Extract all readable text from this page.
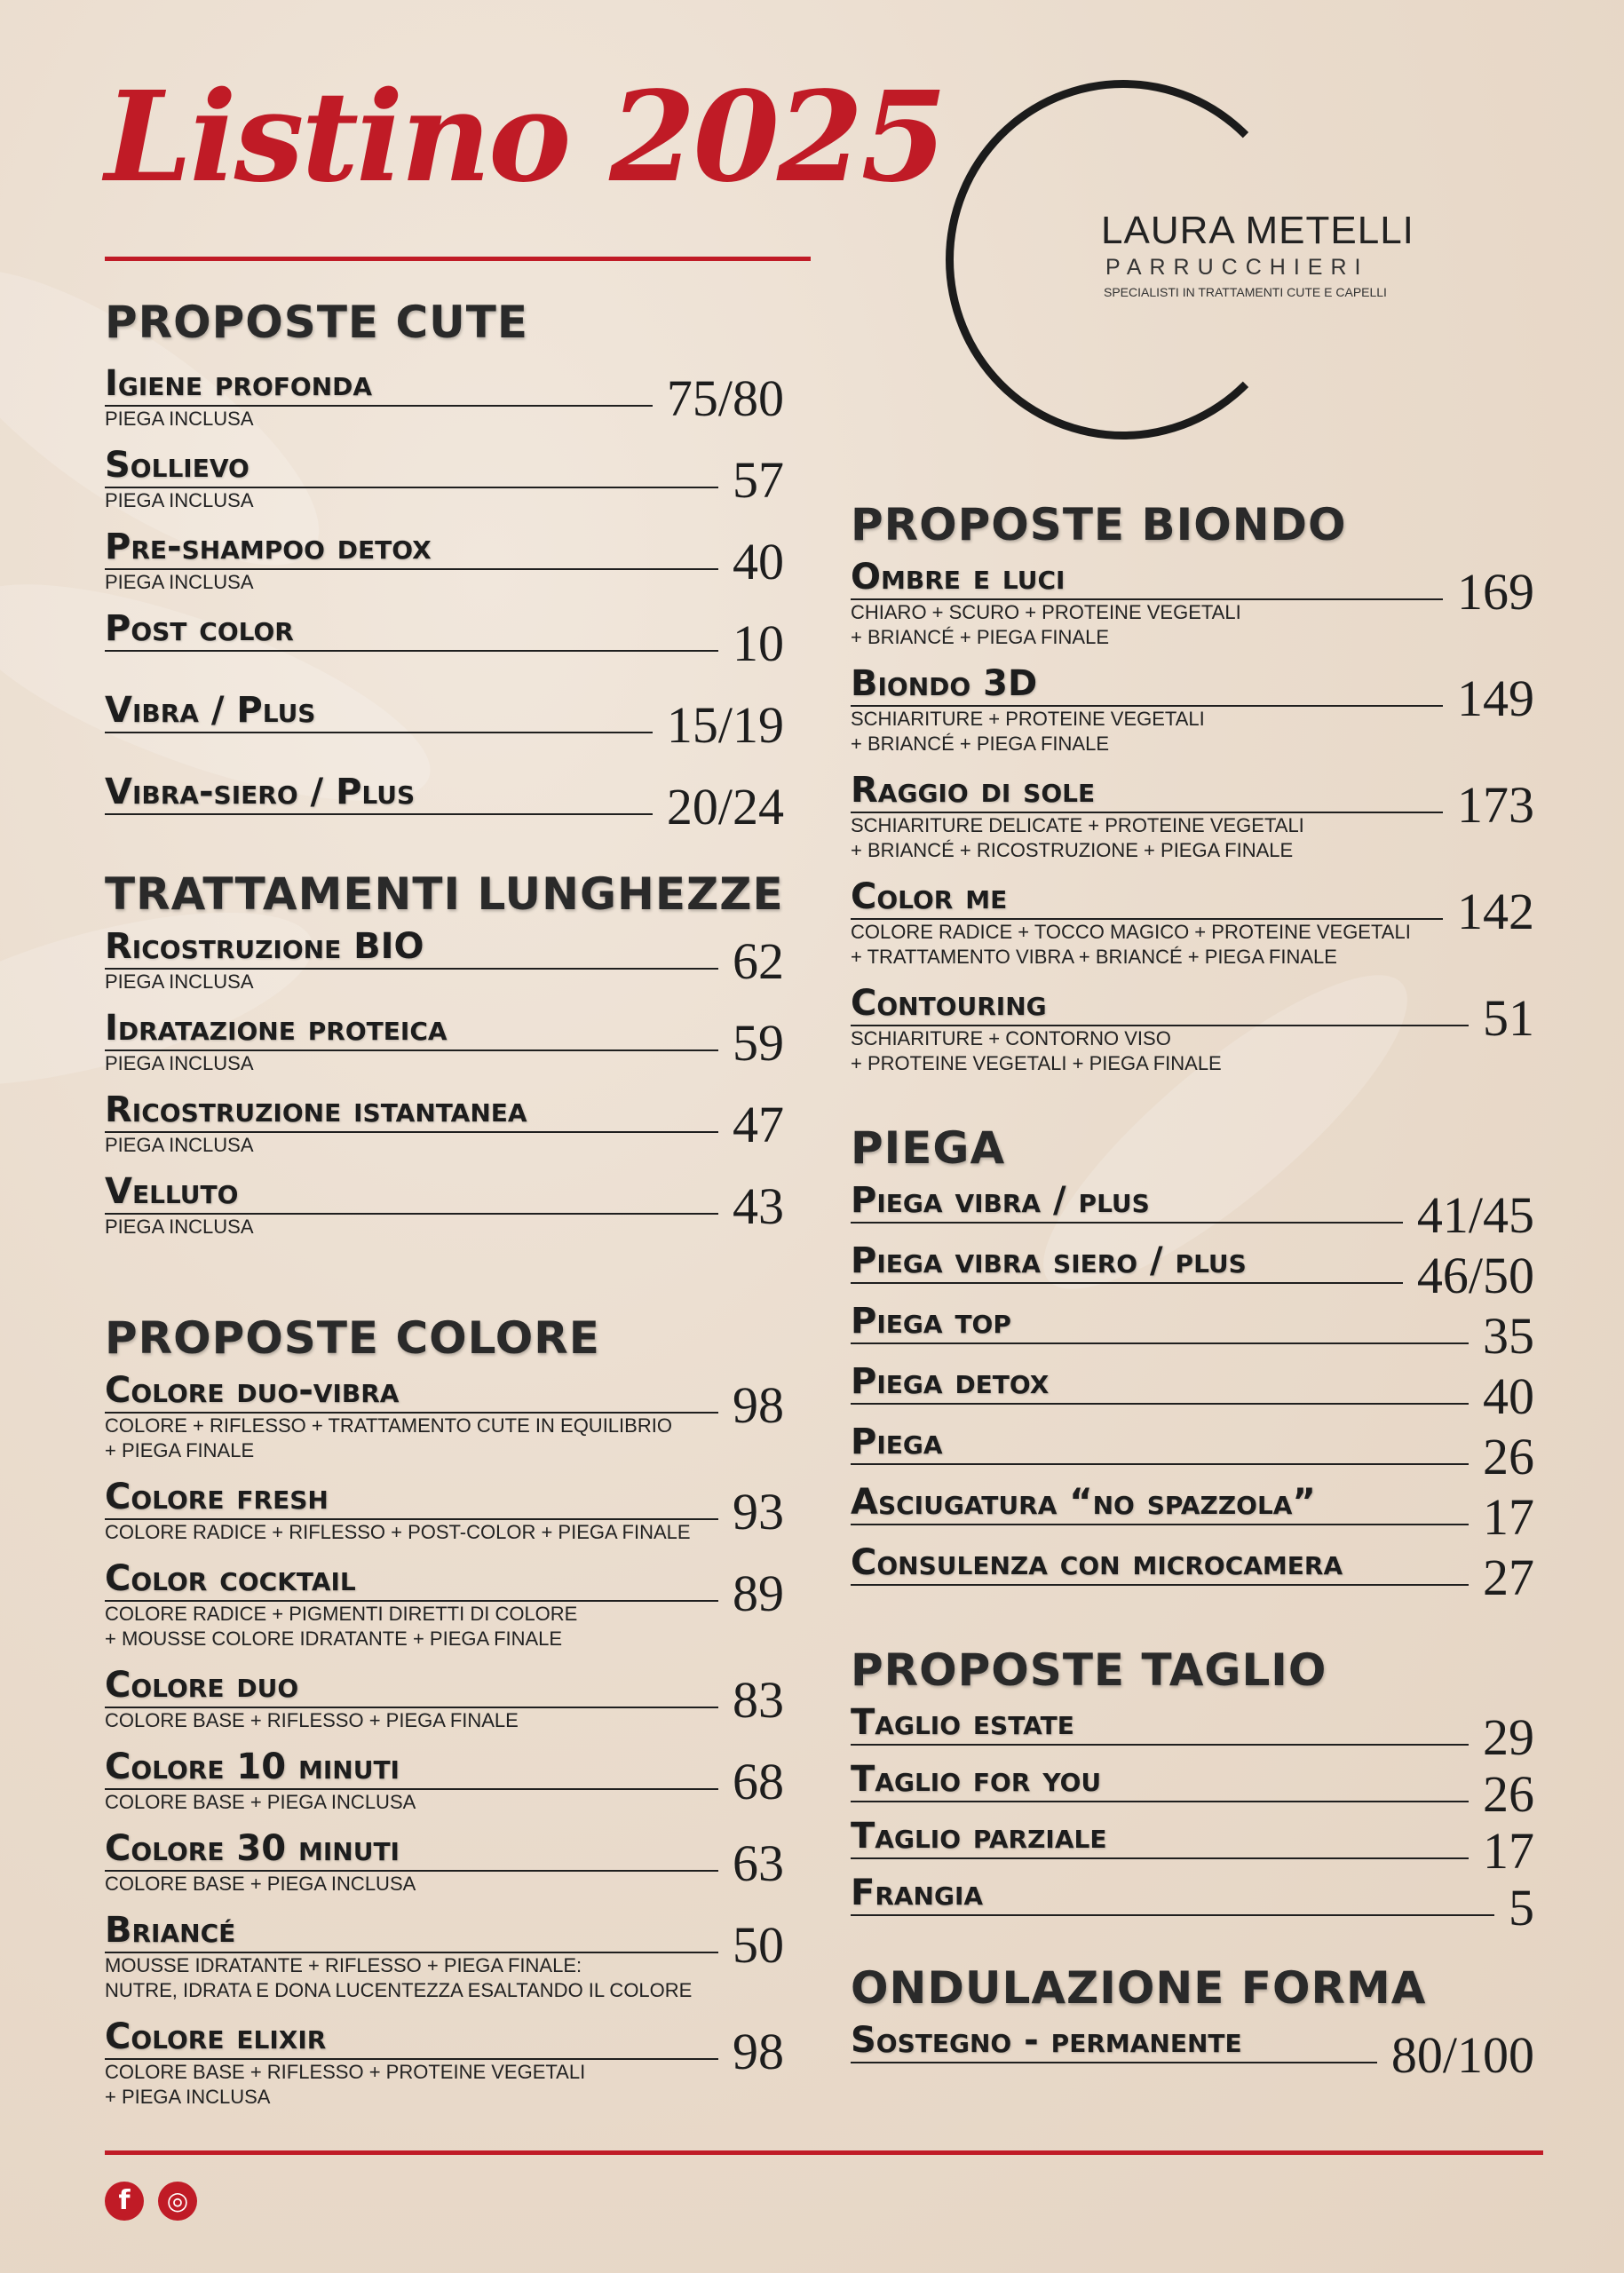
Listino 2025
LAURA METELLI
PARRUCCHIERI
SPECIALISTI IN TRATTAMENTI CUTE E CAPELLI
PROPOSTE CUTE
Igiene profonda	75/80
PIEGA INCLUSA
Sollievo	57
PIEGA INCLUSA
Pre-shampoo detox	40
PIEGA INCLUSA
Post color	10
Vibra / Plus	15/19
Vibra-siero / Plus	20/24
TRATTAMENTI LUNGHEZZE
Ricostruzione BIO	62
PIEGA INCLUSA
Idratazione proteica	59
PIEGA INCLUSA
Ricostruzione istantanea	47
PIEGA INCLUSA
Velluto	43
PIEGA INCLUSA
PROPOSTE COLORE
Colore duo-vibra	98
COLORE + RIFLESSO + TRATTAMENTO CUTE IN EQUILIBRIO
+ PIEGA FINALE
Colore fresh	93
COLORE RADICE + RIFLESSO + POST-COLOR + PIEGA FINALE
Color cocktail	89
COLORE RADICE + PIGMENTI DIRETTI DI COLORE
+ MOUSSE COLORE IDRATANTE + PIEGA FINALE
Colore duo	83
COLORE BASE + RIFLESSO + PIEGA FINALE
Colore 10 minuti	68
COLORE BASE + PIEGA INCLUSA
Colore 30 minuti	63
COLORE BASE + PIEGA INCLUSA
Briancé	50
MOUSSE IDRATANTE + RIFLESSO + PIEGA FINALE:
NUTRE, IDRATA E DONA LUCENTEZZA ESALTANDO IL COLORE
Colore elixir	98
COLORE BASE + RIFLESSO + PROTEINE VEGETALI
+ PIEGA INCLUSA
PROPOSTE BIONDO
Ombre e luci	169
CHIARO + SCURO + PROTEINE VEGETALI
+ BRIANCÉ + PIEGA FINALE
Biondo 3D	149
SCHIARITURE + PROTEINE VEGETALI
+ BRIANCÉ + PIEGA FINALE
Raggio di sole	173
SCHIARITURE DELICATE + PROTEINE VEGETALI
+ BRIANCÉ + RICOSTRUZIONE + PIEGA FINALE
Color me	142
COLORE RADICE + TOCCO MAGICO + PROTEINE VEGETALI
+ TRATTAMENTO VIBRA + BRIANCÉ + PIEGA FINALE
Contouring	51
SCHIARITURE + CONTORNO VISO
+ PROTEINE VEGETALI + PIEGA FINALE
PIEGA
Piega vibra / plus	41/45
Piega vibra siero / plus	46/50
Piega top	35
Piega detox	40
Piega	26
Asciugatura “no spazzola”	17
Consulenza con microcamera	27
PROPOSTE TAGLIO
Taglio estate	29
Taglio for you	26
Taglio parziale	17
Frangia	5
ONDULAZIONE FORMA
Sostegno - permanente	80/100
f	◎
